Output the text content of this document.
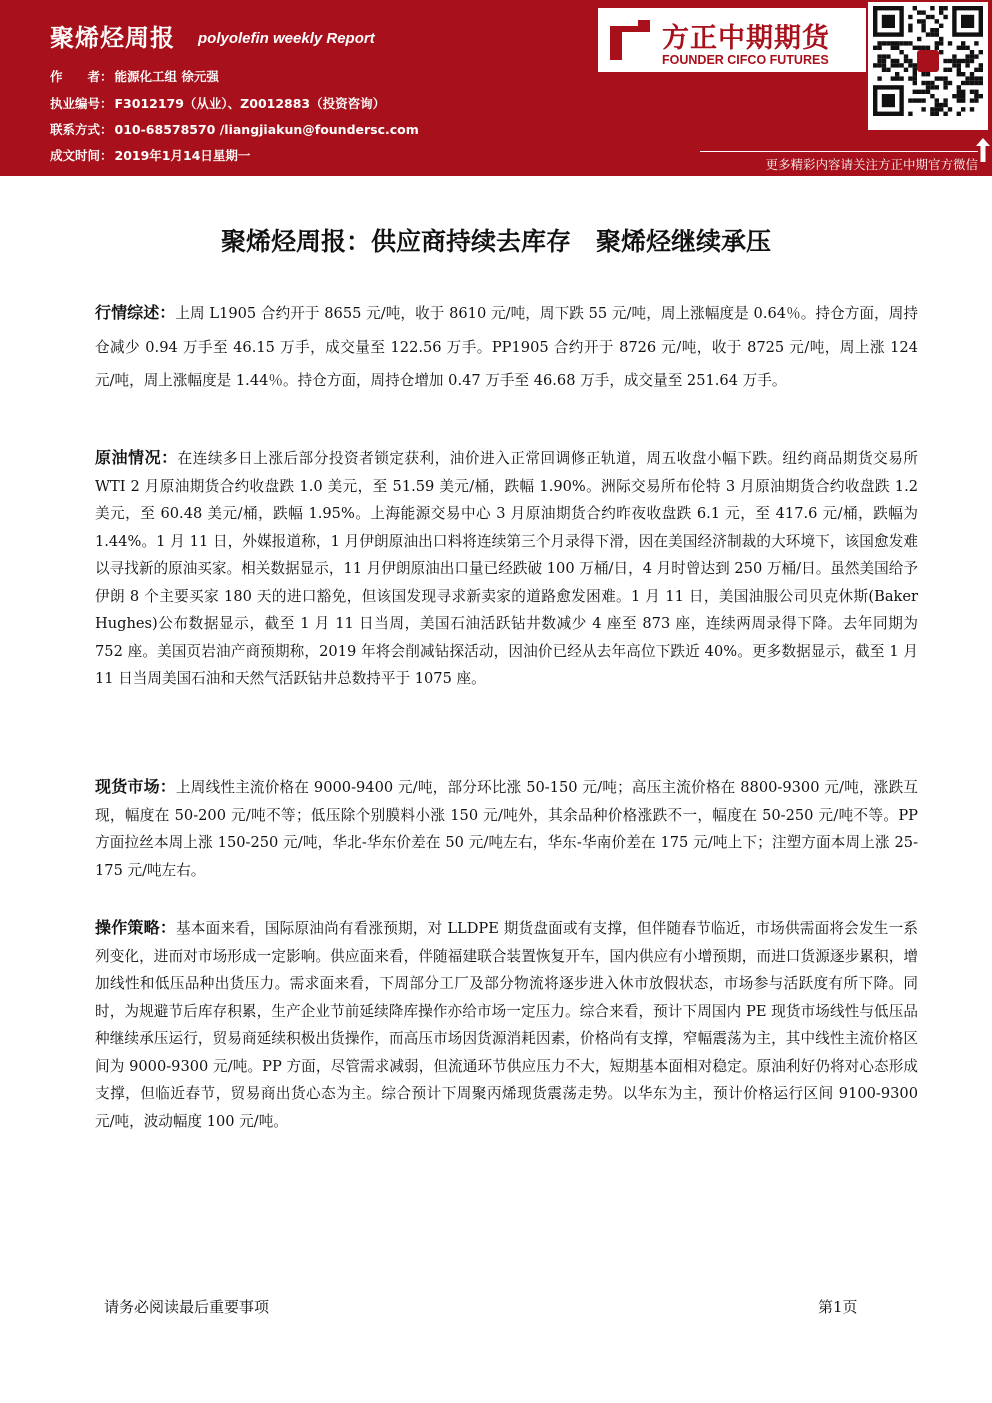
聚烯烃周报 polyolefin weekly Report
作　　者： 能源化工组 徐元强
执业编号： F3012179（从业）、Z0012883（投资咨询）
联系方式： 010-68578570 /liangjiakun@foundersc.com
成文时间： 2019年1月14日星期一
方正中期期货
FOUNDER CIFCO FUTURES
更多精彩内容请关注方正中期官方微信
聚烯烃周报：供应商持续去库存　聚烯烃继续承压
行情综述：上周 L1905 合约开于 8655 元/吨，收于 8610 元/吨，周下跌 55 元/吨，周上涨幅度是 0.64％。持仓方面，周持仓减少 0.94 万手至 46.15 万手，成交量至 122.56 万手。PP1905 合约开于 8726 元/吨，收于 8725 元/吨，周上涨 124 元/吨，周上涨幅度是 1.44％。持仓方面，周持仓增加 0.47 万手至 46.68 万手，成交量至 251.64 万手。
原油情况：在连续多日上涨后部分投资者锁定获利，油价进入正常回调修正轨道，周五收盘小幅下跌。纽约商品期货交易所 WTI 2 月原油期货合约收盘跌 1.0 美元，至 51.59 美元/桶，跌幅 1.90%。洲际交易所布伦特 3 月原油期货合约收盘跌 1.2 美元，至 60.48 美元/桶，跌幅 1.95%。上海能源交易中心 3 月原油期货合约昨夜收盘跌 6.1 元，至 417.6 元/桶，跌幅为 1.44%。1 月 11 日，外媒报道称，1 月伊朗原油出口料将连续第三个月录得下滑，因在美国经济制裁的大环境下，该国愈发难以寻找新的原油买家。相关数据显示，11 月伊朗原油出口量已经跌破 100 万桶/日，4 月时曾达到 250 万桶/日。虽然美国给予伊朗 8 个主要买家 180 天的进口豁免，但该国发现寻求新卖家的道路愈发困难。1 月 11 日，美国油服公司贝克休斯(Baker Hughes)公布数据显示，截至 1 月 11 日当周，美国石油活跃钻井数减少 4 座至 873 座，连续两周录得下降。去年同期为 752 座。美国页岩油产商预期称，2019 年将会削减钻探活动，因油价已经从去年高位下跌近 40%。更多数据显示，截至 1 月 11 日当周美国石油和天然气活跃钻井总数持平于 1075 座。
现货市场：上周线性主流价格在 9000-9400 元/吨，部分环比涨 50-150 元/吨；高压主流价格在 8800-9300 元/吨，涨跌互现，幅度在 50-200 元/吨不等；低压除个别膜料小涨 150 元/吨外，其余品种价格涨跌不一，幅度在 50-250 元/吨不等。PP 方面拉丝本周上涨 150-250 元/吨，华北-华东价差在 50 元/吨左右，华东-华南价差在 175 元/吨上下；注塑方面本周上涨 25-175 元/吨左右。
操作策略：基本面来看，国际原油尚有看涨预期，对 LLDPE 期货盘面或有支撑，但伴随春节临近，市场供需面将会发生一系列变化，进而对市场形成一定影响。供应面来看，伴随福建联合装置恢复开车，国内供应有小增预期，而进口货源逐步累积，增加线性和低压品种出货压力。需求面来看，下周部分工厂及部分物流将逐步进入休市放假状态，市场参与活跃度有所下降。同时，为规避节后库存积累，生产企业节前延续降库操作亦给市场一定压力。综合来看，预计下周国内 PE 现货市场线性与低压品种继续承压运行，贸易商延续积极出货操作，而高压市场因货源消耗因素，价格尚有支撑，窄幅震荡为主，其中线性主流价格区间为 9000-9300 元/吨。PP 方面，尽管需求减弱，但流通环节供应压力不大，短期基本面相对稳定。原油利好仍将对心态形成支撑，但临近春节，贸易商出货心态为主。综合预计下周聚丙烯现货震荡走势。以华东为主，预计价格运行区间 9100-9300 元/吨，波动幅度 100 元/吨。
请务必阅读最后重要事项	第1页
